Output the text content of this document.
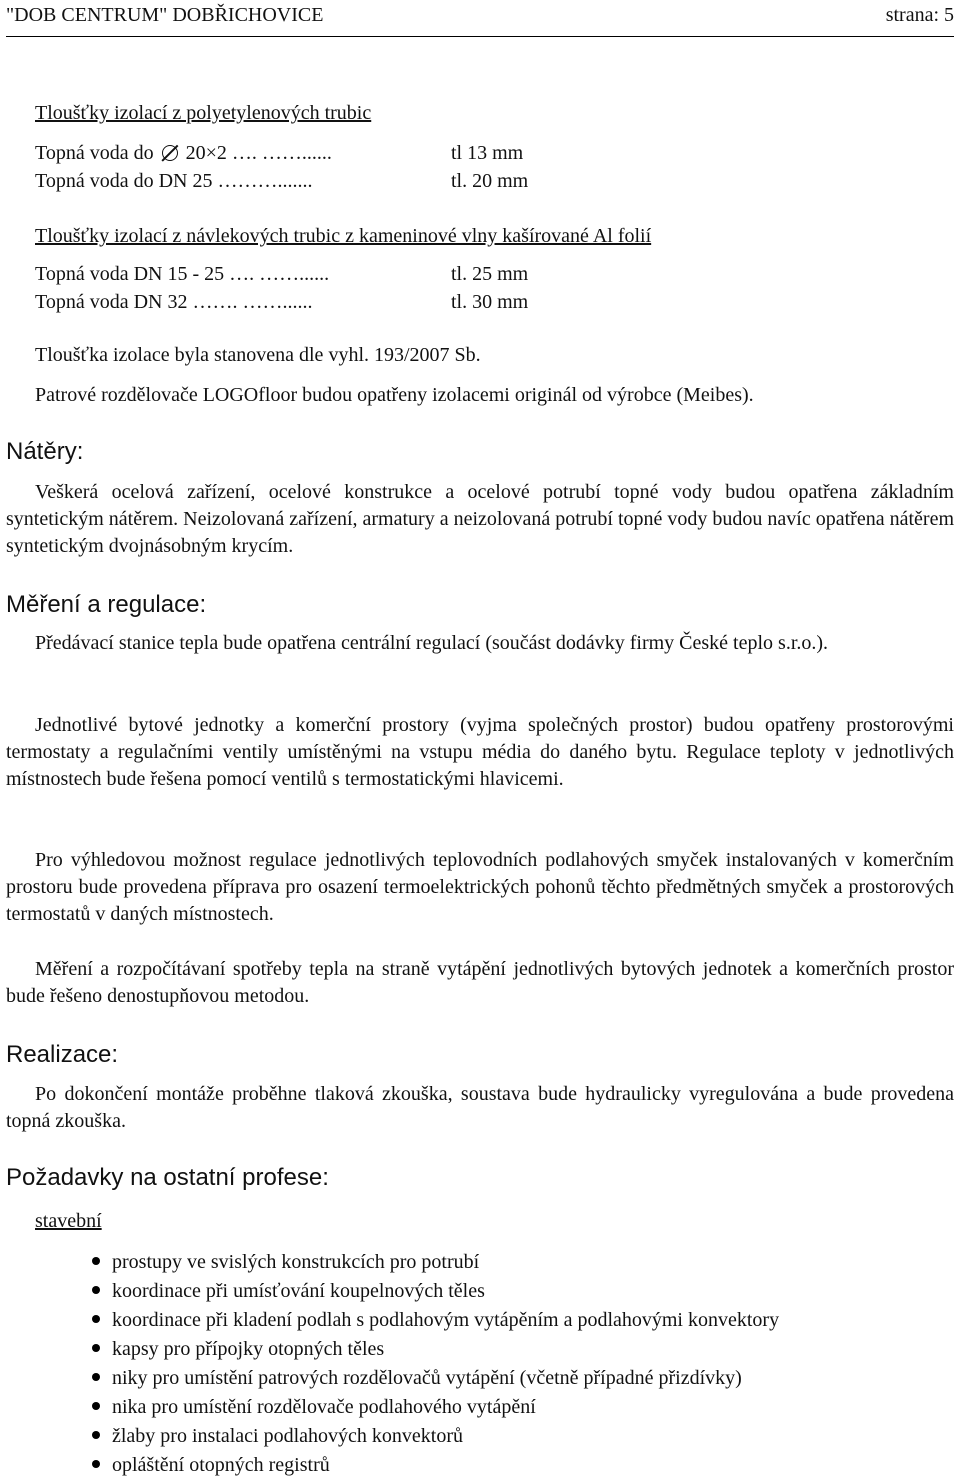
"DOB CENTRUM" DOBŘICHOVICE	strana: 5
Tloušťky izolací z polyetylenových trubic
Topná voda do 20×2 …. ……......	tl 13 mm
Topná voda do DN 25 ……….......	tl. 20 mm
Tloušťky izolací z návlekových trubic z kameninové vlny kašírované Al folií
Topná voda DN 15 - 25 …. ……......	tl. 25 mm
Topná voda DN 32 ……. ……......	tl. 30 mm
Tloušťka izolace byla stanovena dle vyhl. 193/2007 Sb.
Patrové rozdělovače LOGOfloor budou opatřeny izolacemi originál od výrobce (Meibes).
Nátěry:
Veškerá ocelová zařízení, ocelové konstrukce a ocelové potrubí topné vody budou opatřena základním syntetickým nátěrem. Neizolovaná zařízení, armatury a neizolovaná potrubí topné vody budou navíc opatřena nátěrem syntetickým dvojnásobným krycím.
Měření a regulace:
Předávací stanice tepla bude opatřena centrální regulací (součást dodávky firmy České teplo s.r.o.).
Jednotlivé bytové jednotky a komerční prostory (vyjma společných prostor) budou opatřeny prostorovými termostaty a regulačními ventily umístěnými na vstupu média do daného bytu. Regulace teploty v jednotlivých místnostech bude řešena pomocí ventilů s termostatickými hlavicemi.
Pro výhledovou možnost regulace jednotlivých teplovodních podlahových smyček instalovaných v komerčním prostoru bude provedena příprava pro osazení termoelektrických pohonů těchto předmětných smyček a prostorových termostatů v daných místnostech.
Měření a rozpočítávaní spotřeby tepla na straně vytápění jednotlivých bytových jednotek a komerčních prostor bude řešeno denostupňovou metodou.
Realizace:
Po dokončení montáže proběhne tlaková zkouška, soustava bude hydraulicky vyregulována a bude provedena topná zkouška.
Požadavky na ostatní profese:
stavební
prostupy ve svislých konstrukcích pro potrubí
koordinace při umísťování koupelnových těles
koordinace při kladení podlah s podlahovým vytápěním a podlahovými konvektory
kapsy pro přípojky otopných těles
niky pro umístění patrových rozdělovačů vytápění (včetně případné přizdívky)
nika pro umístění rozdělovače podlahového vytápění
žlaby pro instalaci podlahových konvektorů
opláštění otopných registrů
